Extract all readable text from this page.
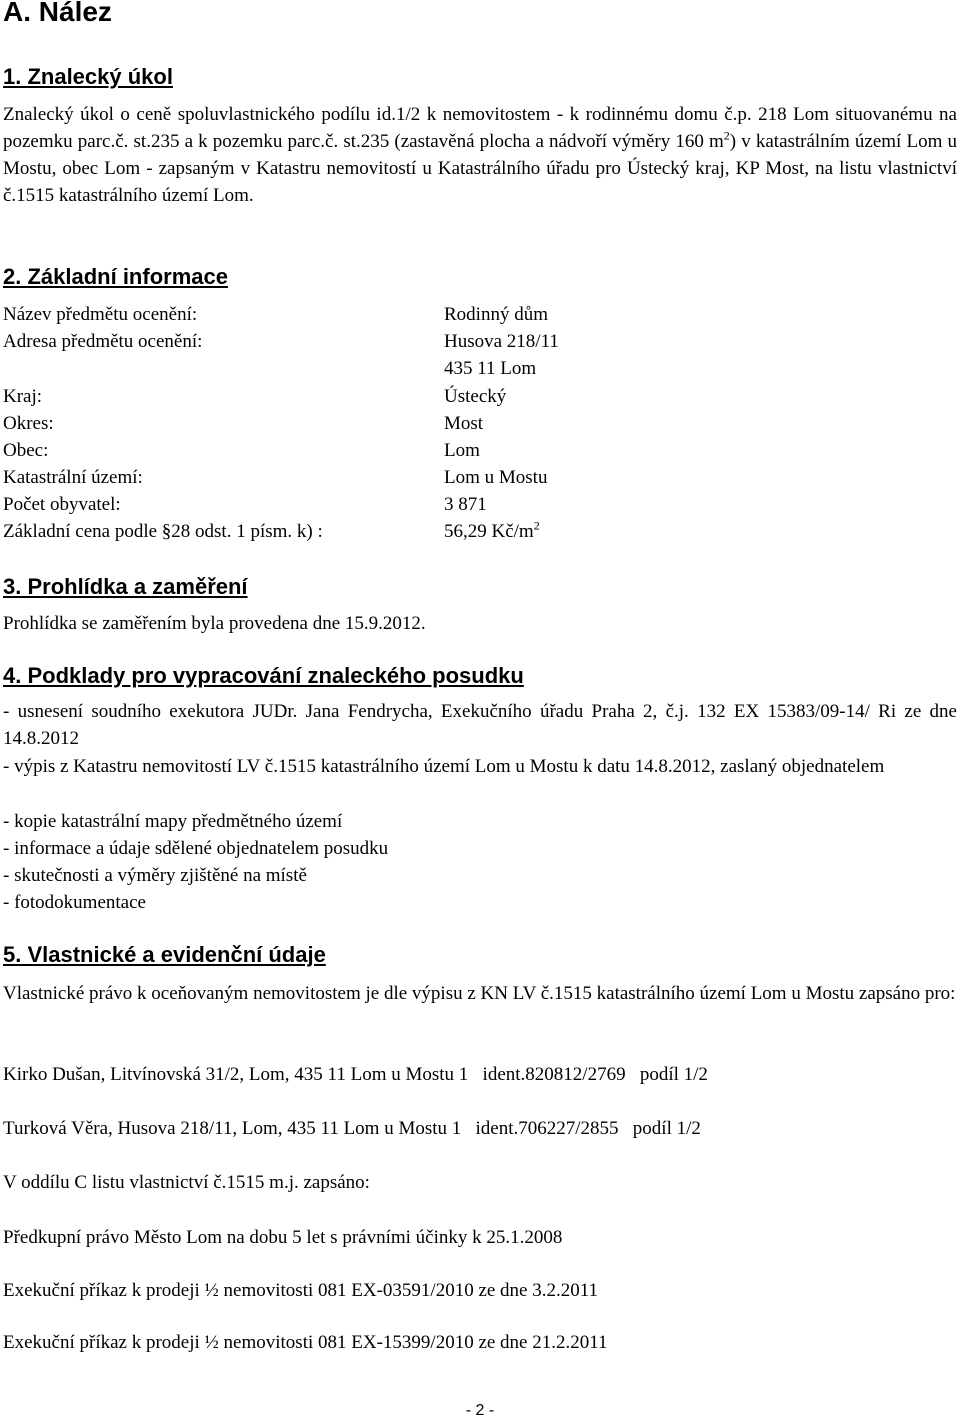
A. Nález
1. Znalecký úkol

Znalecký úkol o ceně spoluvlastnického podílu id.1/2 k nemovitostem - k rodinnému domu č.p. 218 Lom situovanému na pozemku parc.č. st.235 a k pozemku parc.č. st.235 (zastavěná plocha a nádvoří výměry 160 $m^2$) v katastrálním území Lom u Mostu, obec Lom - zapsaným v Katastru nemovitostí u Katastrálního úřadu pro Ústecký kraj, KP Most, na listu vlastnictví č.1515 katastrálního území Lom.

2. Základní informace
Název předmětu ocenění:	Rodinný dům
Adresa předmětu ocenění:	Husova 218/11
435 11 Lom
Kraj:	Ústecký
Okres:	Most
Obec:	Lom
Katastrální území:	Lom u Mostu
Počet obyvatel:	3 871
Základní cena podle §28 odst. 1 písm. k) :	56,29 $Kč/m^2$
3. Prohlídka a zaměření
Prohlídka se zaměřením byla provedena dne 15.9.2012.
4. Podklady pro vypracování znaleckého posudku

- usnesení soudního exekutora JUDr. Jana Fendrycha, Exekučního úřadu Praha 2, č.j. 132 EX 15383/09-14/ Ri ze dne 14.8.2012

- výpis z Katastru nemovitostí LV č.1515 katastrálního území Lom u Mostu k datu 14.8.2012, zaslaný objednatelem

- kopie katastrální mapy předmětného území
- informace a údaje sdělené objednatelem posudku
- skutečnosti a výměry zjištěné na místě
- fotodokumentace
5. Vlastnické a evidenční údaje

Vlastnické právo k oceňovaným nemovitostem je dle výpisu z KN LV č.1515 katastrálního území Lom u Mostu zapsáno pro:

Kirko Dušan, Litvínovská 31/2, Lom, 435 11 Lom u Mostu 1   ident.820812/2769   podíl 1/2
Turková Věra, Husova 218/11, Lom, 435 11 Lom u Mostu 1   ident.706227/2855   podíl 1/2
V oddílu C listu vlastnictví č.1515 m.j. zapsáno:
Předkupní právo Město Lom na dobu 5 let s právními účinky k 25.1.2008
Exekuční příkaz k prodeji ½ nemovitosti 081 EX-03591/2010 ze dne 3.2.2011
Exekuční příkaz k prodeji ½ nemovitosti 081 EX-15399/2010 ze dne 21.2.2011
- 2 -
